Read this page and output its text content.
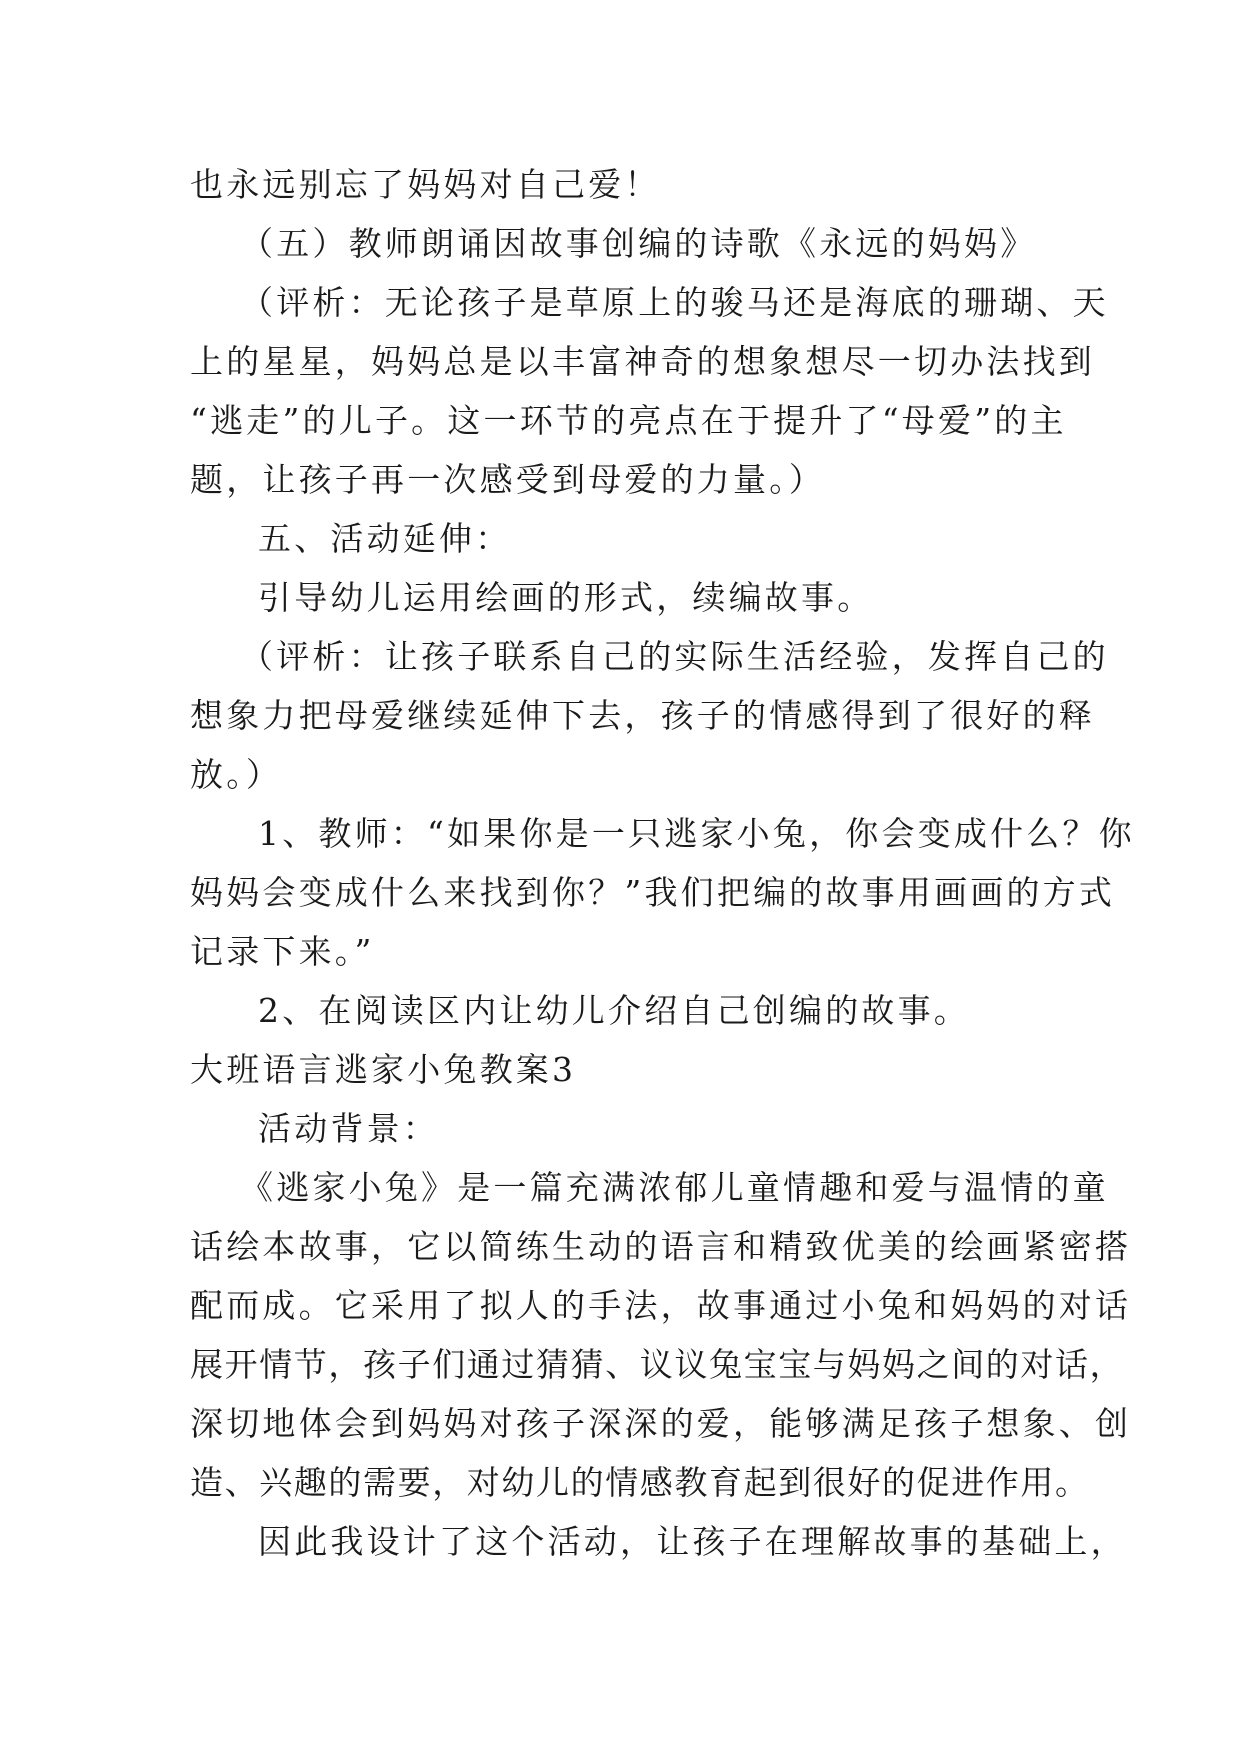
也永远别忘了妈妈对自己爱！
（五）教师朗诵因故事创编的诗歌《永远的妈妈》
（评析：无论孩子是草原上的骏马还是海底的珊瑚、天
上的星星，妈妈总是以丰富神奇的想象想尽一切办法找到
“逃走”的儿子。这一环节的亮点在于提升了“母爱”的主
题，让孩子再一次感受到母爱的力量。）
五、活动延伸：
引导幼儿运用绘画的形式，续编故事。
（评析：让孩子联系自己的实际生活经验，发挥自己的
想象力把母爱继续延伸下去，孩子的情感得到了很好的释
放。）
1、教师：“如果你是一只逃家小兔，你会变成什么？你
妈妈会变成什么来找到你？”我们把编的故事用画画的方式
记录下来。”
2、在阅读区内让幼儿介绍自己创编的故事。
大班语言逃家小兔教案3
活动背景：
《逃家小兔》是一篇充满浓郁儿童情趣和爱与温情的童
话绘本故事，它以简练生动的语言和精致优美的绘画紧密搭
配而成。它采用了拟人的手法，故事通过小兔和妈妈的对话
展开情节，孩子们通过猜猜、议议兔宝宝与妈妈之间的对话，
深切地体会到妈妈对孩子深深的爱，能够满足孩子想象、创
造、兴趣的需要，对幼儿的情感教育起到很好的促进作用。
因此我设计了这个活动，让孩子在理解故事的基础上，
